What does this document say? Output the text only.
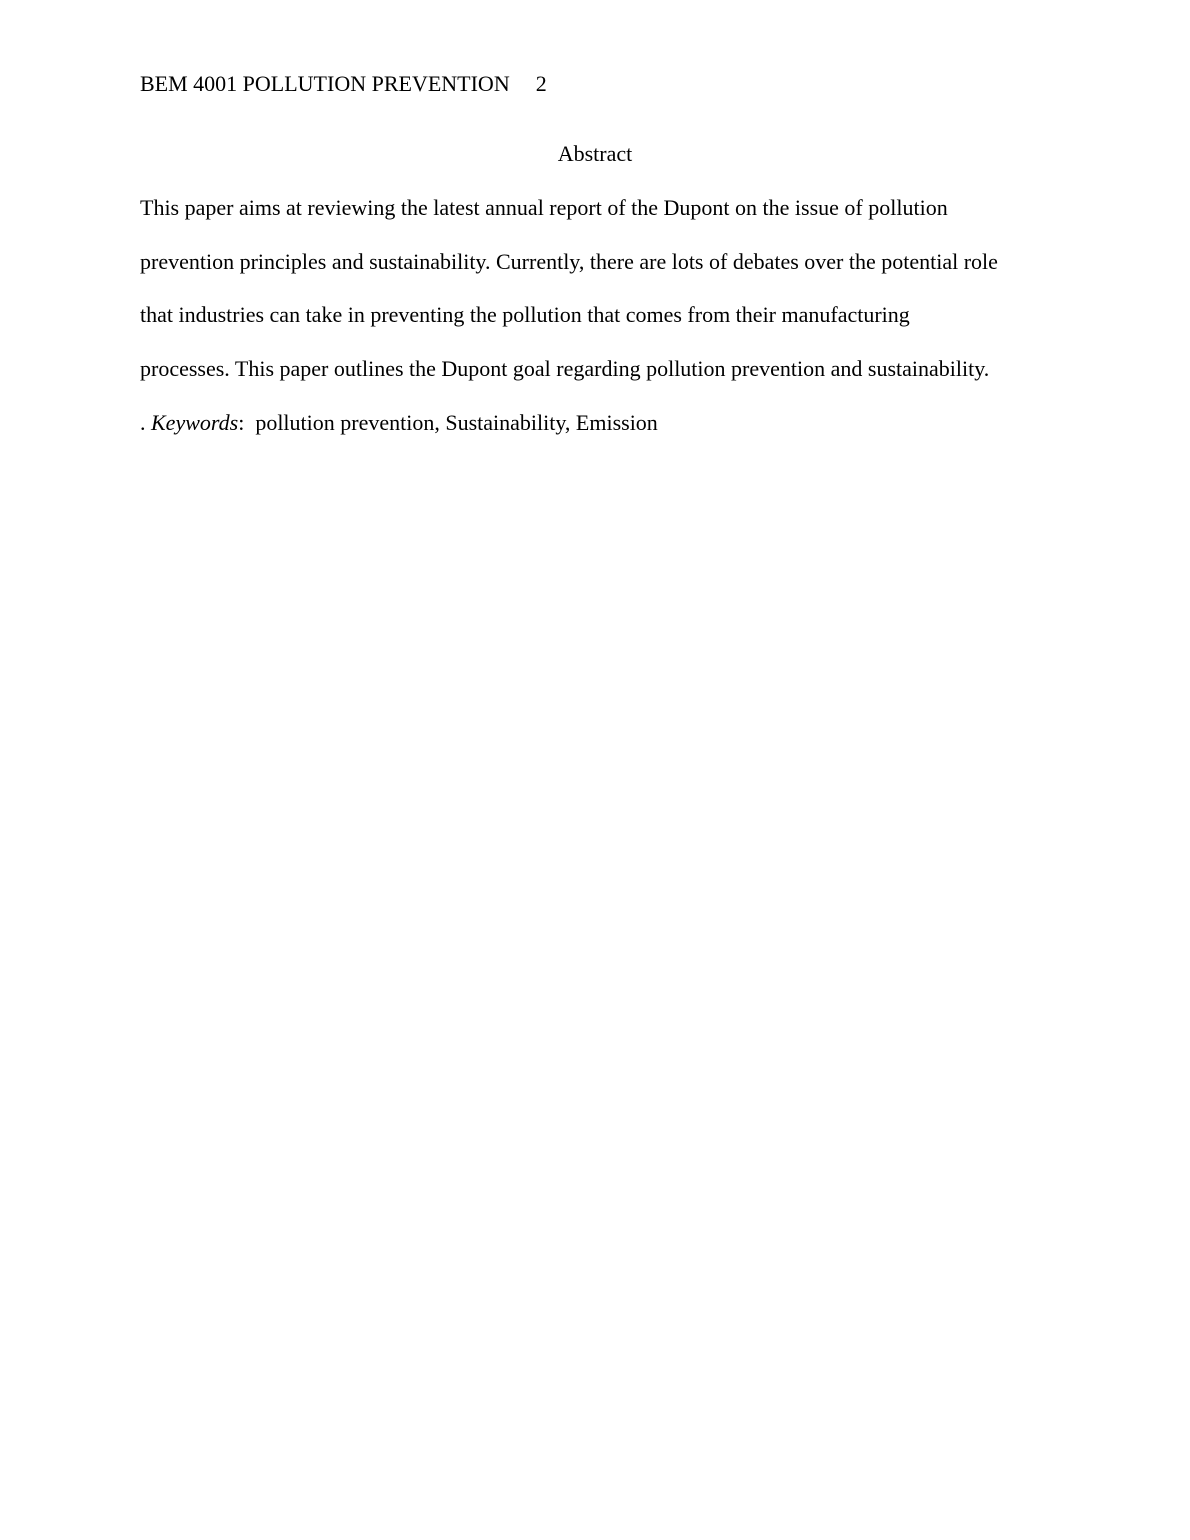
BEM 4001 POLLUTION PREVENTION 2
Abstract
This paper aims at reviewing the latest annual report of the Dupont on the issue of pollution
prevention principles and sustainability. Currently, there are lots of debates over the potential role
that industries can take in preventing the pollution that comes from their manufacturing
processes. This paper outlines the Dupont goal regarding pollution prevention and sustainability.
. Keywords:  pollution prevention, Sustainability, Emission
